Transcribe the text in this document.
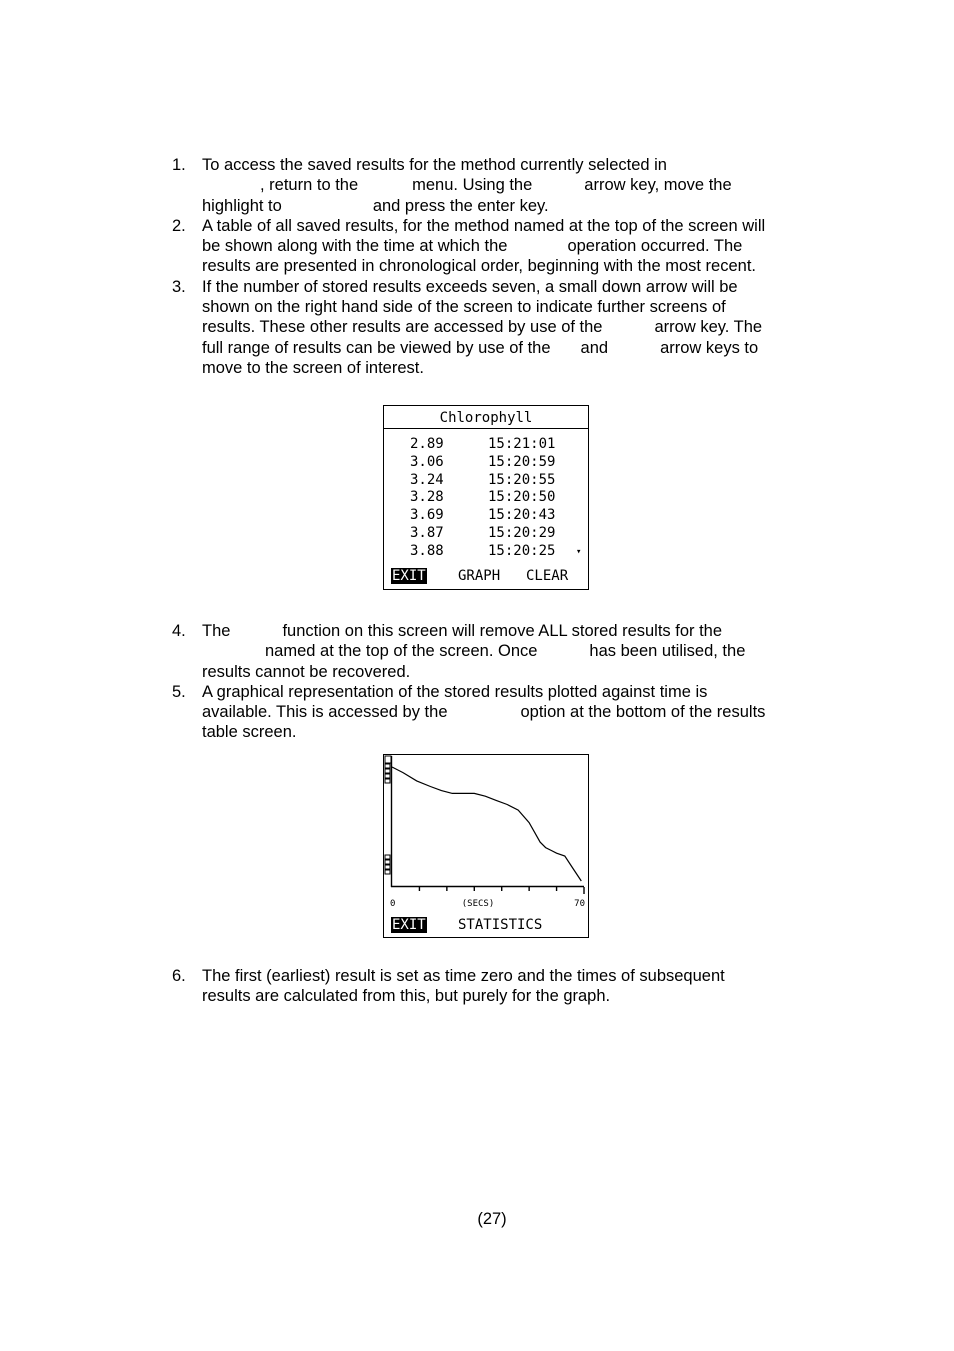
1. To access the saved results for the method currently selected in
, return to the	menu. Using the	arrow key, move the
highlight to	and press the enter key.
2. A table of all saved results, for the method named at the top of the screen will
be shown along with the time at which the	operation occurred. The
results are presented in chronological order, beginning with the most recent.
3. If the number of stored results exceeds seven, a small down arrow will be
shown on the right hand side of the screen to indicate further screens of
results. These other results are accessed by use of the	arrow key. The
full range of results can be viewed by use of the and	arrow keys to
move to the screen of interest.
Chlorophyll
2.89	15:21:01
3.06	15:20:59
3.24	15:20:55
3.28	15:20:50
3.69	15:20:43
3.87	15:20:29
3.88	15:20:25 ▾
EXIT GRAPH CLEAR
4. The	function on this screen will remove ALL stored results for the
named at the top of the screen. Once	has been utilised, the
results cannot be recovered.
5. A graphical representation of the stored results plotted against time is
available. This is accessed by the	option at the bottom of the results
table screen.
0	(SECS)	70
EXIT STATISTICS
6. The first (earliest) result is set as time zero and the times of subsequent
results are calculated from this, but purely for the graph.
(27)
